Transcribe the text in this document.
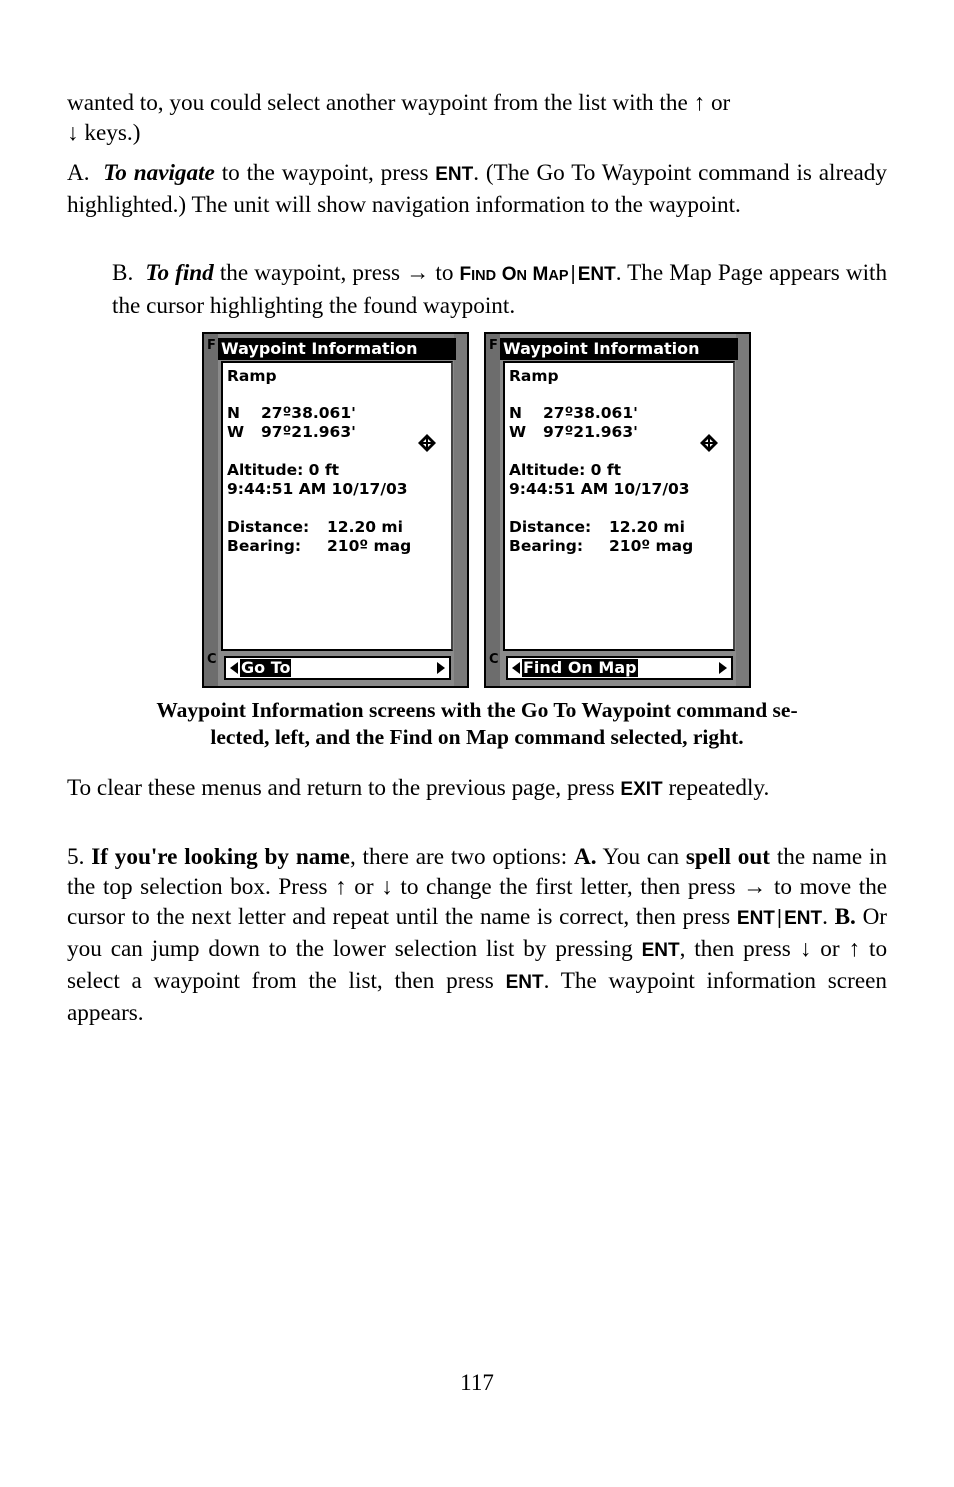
wanted to, you could select another waypoint from the list with the ↑ or
↓ keys.)

A. To navigate to the waypoint, press ENT. (The Go To Waypoint command is already highlighted.) The unit will show navigation information to the waypoint.

B. To find the waypoint, press → to FIND ON MAP | ENT. The Map Page appears with the cursor highlighting the found waypoint.

F
C
Waypoint Information
Ramp
N 27º38.061'
W 97º21.963'
Altitude: 0 ft
9:44:51 AM 10/17/03
Distance: 12.20 mi
Bearing: 210º mag
Go To
F
C
Waypoint Information
Ramp
N 27º38.061'
W 97º21.963'
Altitude: 0 ft
9:44:51 AM 10/17/03
Distance: 12.20 mi
Bearing: 210º mag
Find On Map
Waypoint Information screens with the Go To Waypoint command se-
lected, left, and the Find on Map command selected, right.

To clear these menus and return to the previous page, press EXIT repeatedly.

5. If you're looking by name, there are two options: A. You can spell out the name in the top selection box. Press ↑ or ↓ to change the first letter, then press → to move the cursor to the next letter and repeat until the name is correct, then press ENT | ENT. B. Or you can jump down to the lower selection list by pressing ENT, then press ↓ or ↑ to select a waypoint from the list, then press ENT. The waypoint information screen appears.

117
